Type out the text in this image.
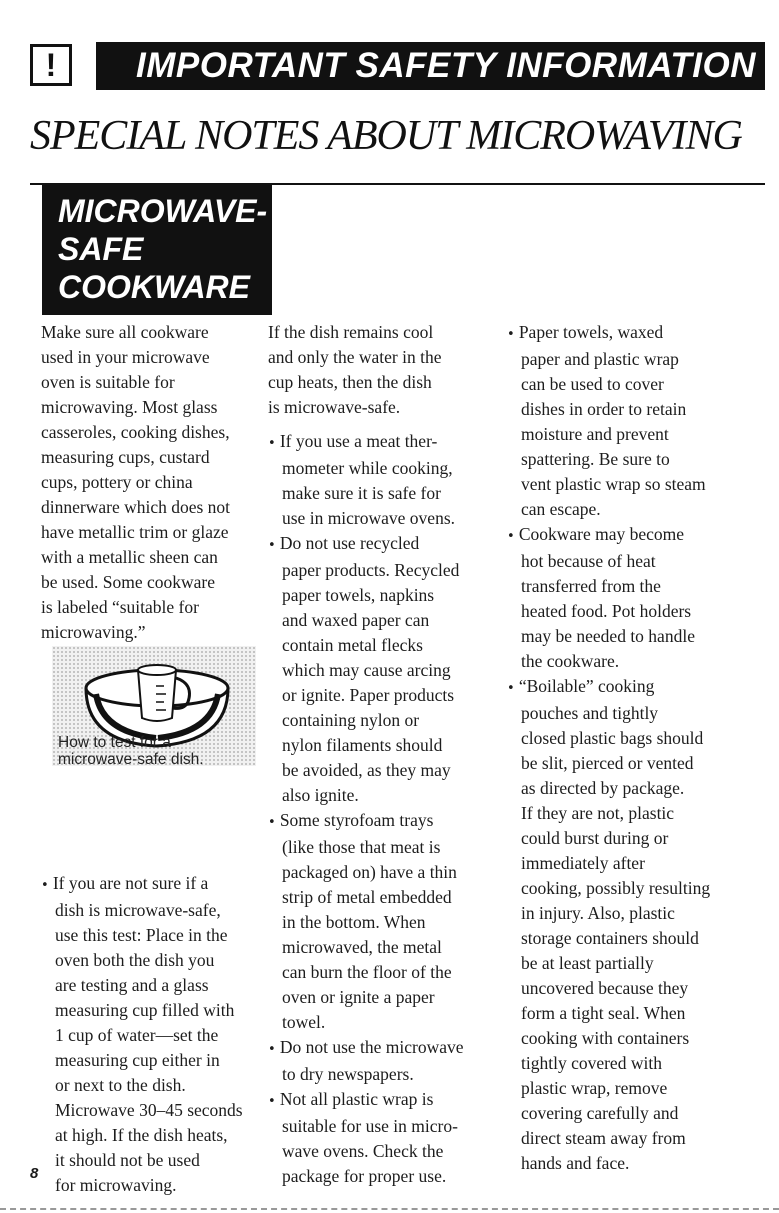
!	IMPORTANT SAFETY INFORMATION
SPECIAL NOTES ABOUT MICROWAVING
MICROWAVE-
SAFE
COOKWARE

Make sure all cookware
used in your microwave
oven is suitable for
microwaving. Most glass
casseroles, cooking dishes,
measuring cups, custard
cups, pottery or china
dinnerware which does not
have metallic trim or glaze
with a metallic sheen can
be used. Some cookware
is labeled “suitable for
microwaving.”

How to test for a
microwave-safe dish.

• If you are not sure if a
dish is microwave-safe,
use this test: Place in the
oven both the dish you
are testing and a glass
measuring cup filled with
1 cup of water—set the
measuring cup either in
or next to the dish.
Microwave 30–45 seconds
at high. If the dish heats,
it should not be used
for microwaving.

If the dish remains cool
and only the water in the
cup heats, then the dish
is microwave-safe.

• If you use a meat ther-
mometer while cooking,
make sure it is safe for
use in microwave ovens.

• Do not use recycled
paper products. Recycled
paper towels, napkins
and waxed paper can
contain metal flecks
which may cause arcing
or ignite. Paper products
containing nylon or
nylon filaments should
be avoided, as they may
also ignite.

• Some styrofoam trays
(like those that meat is
packaged on) have a thin
strip of metal embedded
in the bottom. When
microwaved, the metal
can burn the floor of the
oven or ignite a paper
towel.

• Do not use the microwave
to dry newspapers.

• Not all plastic wrap is
suitable for use in micro-
wave ovens. Check the
package for proper use.

• Paper towels, waxed
paper and plastic wrap
can be used to cover
dishes in order to retain
moisture and prevent
spattering. Be sure to
vent plastic wrap so steam
can escape.

• Cookware may become
hot because of heat
transferred from the
heated food. Pot holders
may be needed to handle
the cookware.

• “Boilable” cooking
pouches and tightly
closed plastic bags should
be slit, pierced or vented
as directed by package.
If they are not, plastic
could burst during or
immediately after
cooking, possibly resulting
in injury. Also, plastic
storage containers should
be at least partially
uncovered because they
form a tight seal. When
cooking with containers
tightly covered with
plastic wrap, remove
covering carefully and
direct steam away from
hands and face.

8
